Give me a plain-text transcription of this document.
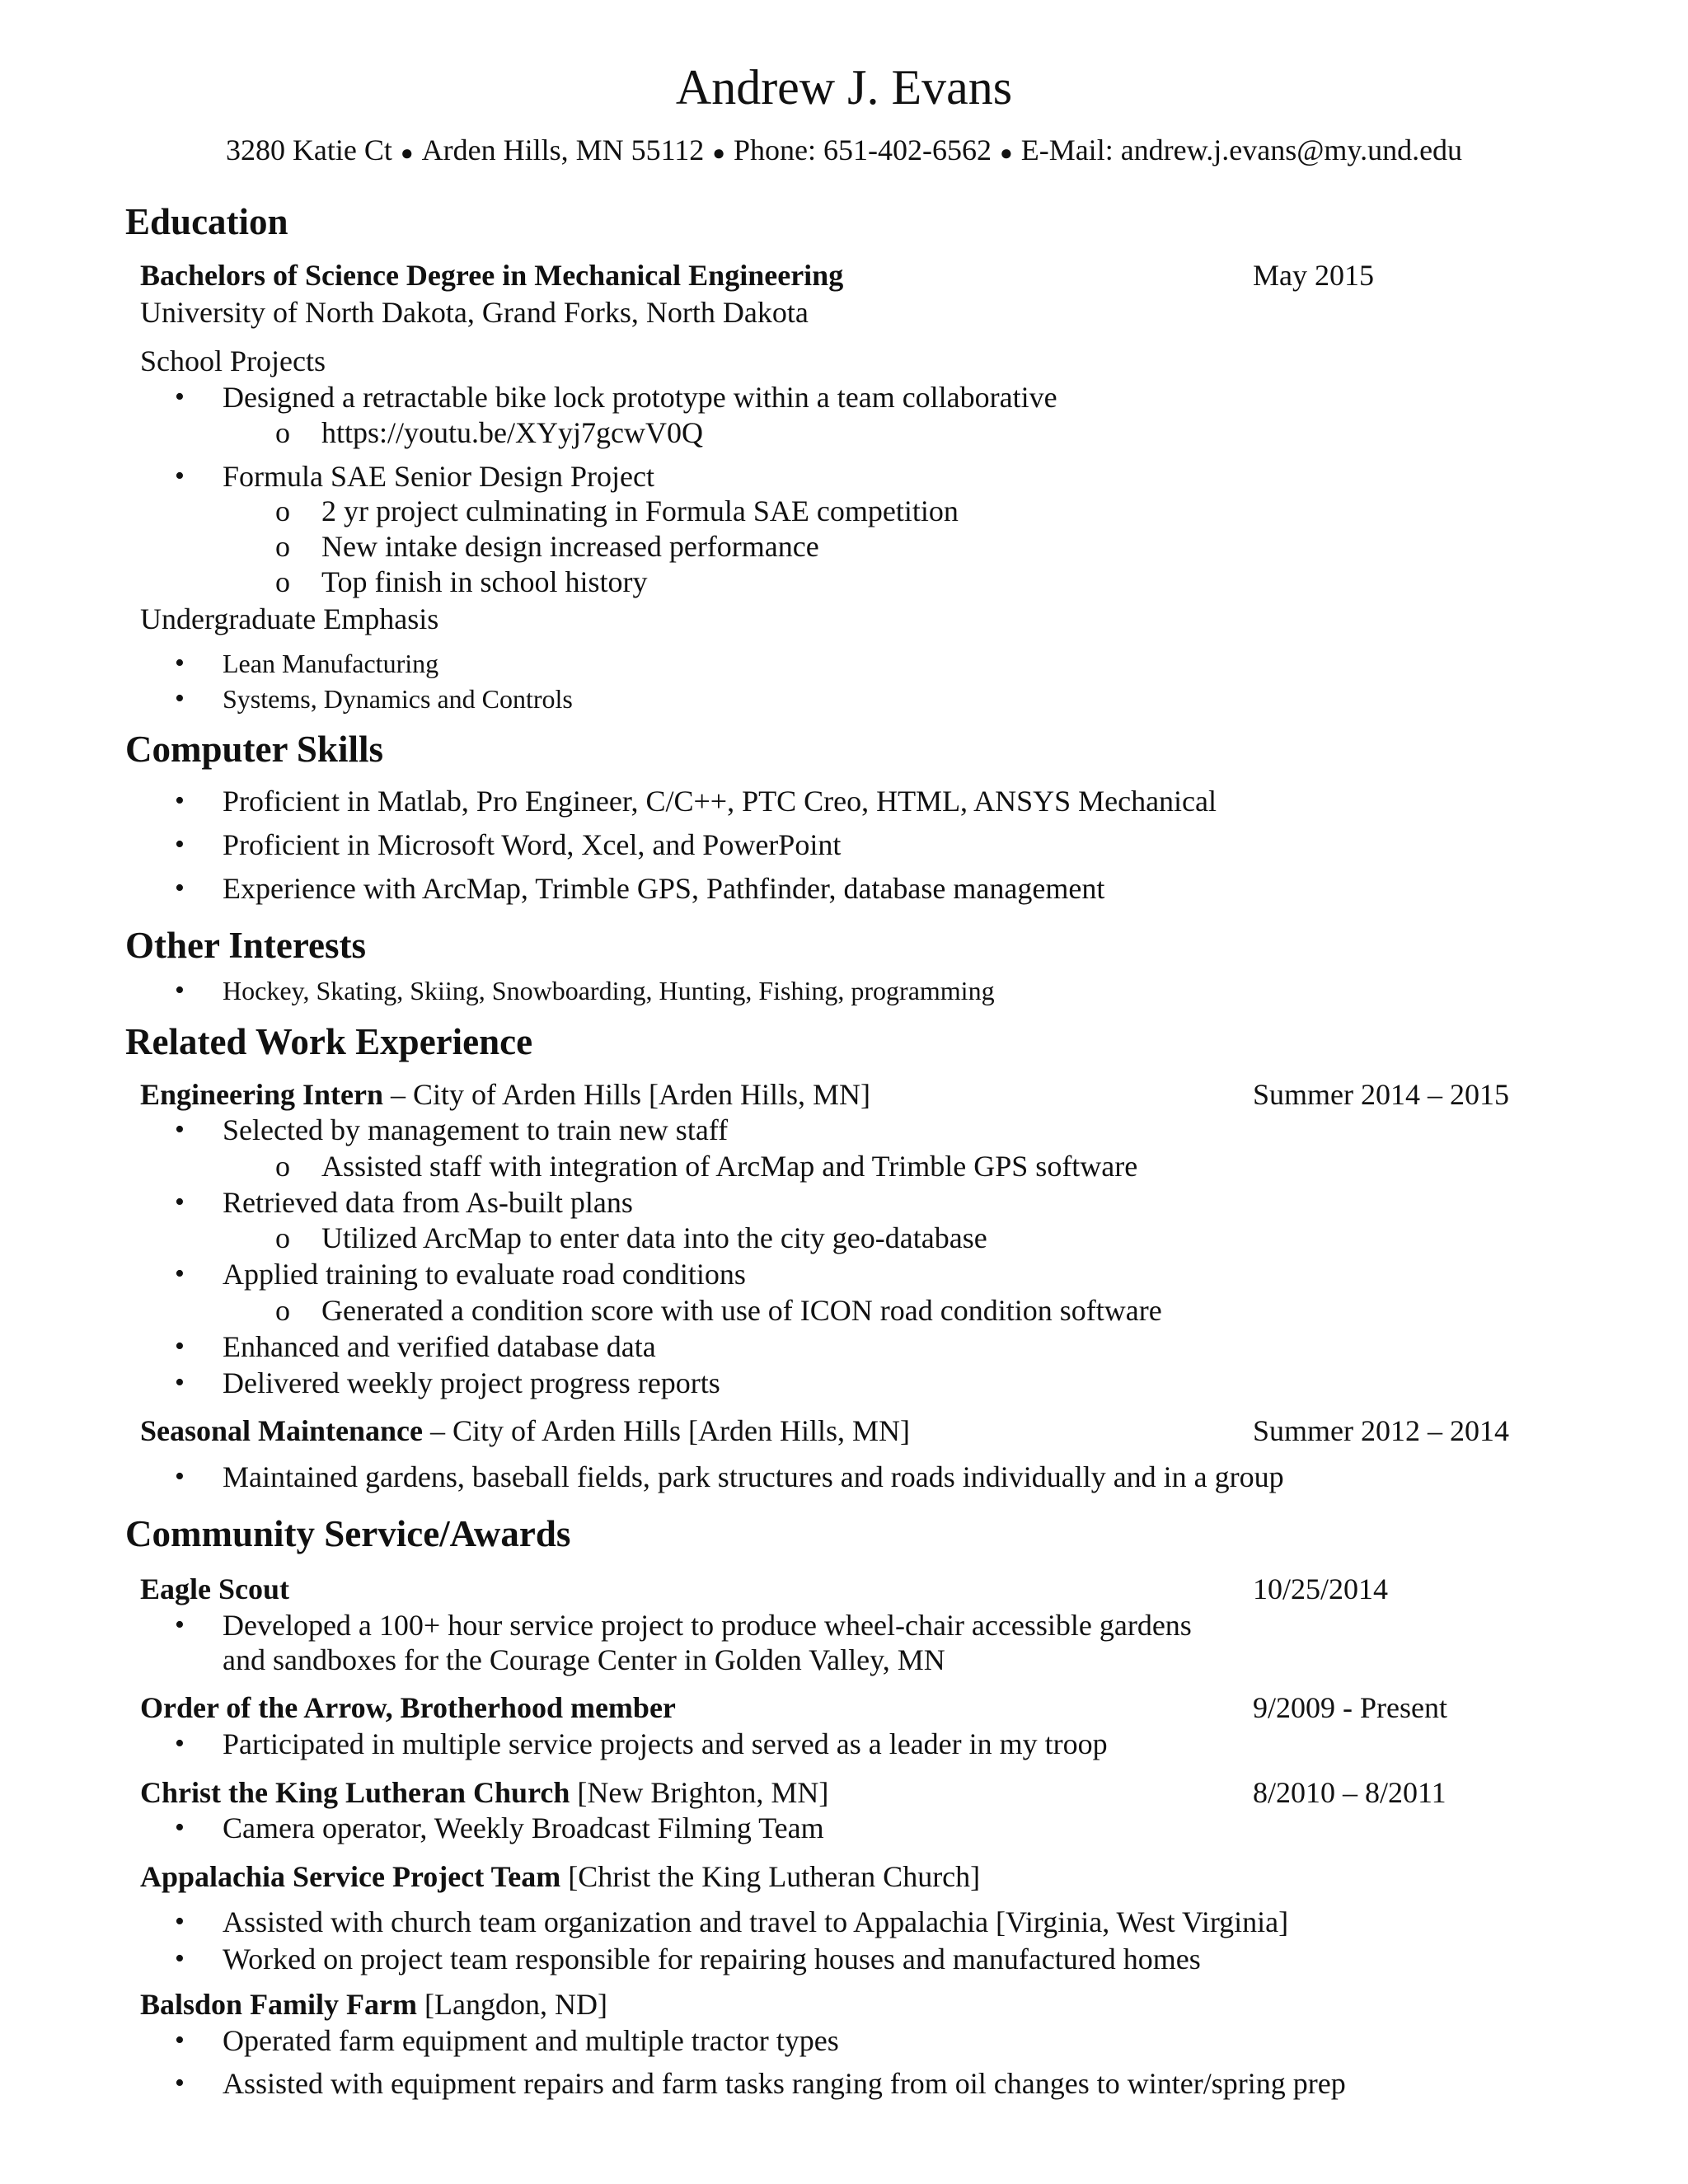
Andrew J. Evans
3280 Katie Ct ● Arden Hills, MN 55112 ● Phone: 651-402-6562 ● E-Mail: andrew.j.evans@my.und.edu
Education
Bachelors of Science Degree in Mechanical Engineering	May 2015
University of North Dakota, Grand Forks, North Dakota
School Projects
• Designed a retractable bike lock prototype within a team collaborative
o https://youtu.be/XYyj7gcwV0Q
• Formula SAE Senior Design Project
o 2 yr project culminating in Formula SAE competition
o New intake design increased performance
o Top finish in school history
Undergraduate Emphasis
• Lean Manufacturing
• Systems, Dynamics and Controls
Computer Skills
• Proficient in Matlab, Pro Engineer, C/C++, PTC Creo, HTML, ANSYS Mechanical
• Proficient in Microsoft Word, Xcel, and PowerPoint
• Experience with ArcMap, Trimble GPS, Pathfinder, database management
Other Interests
• Hockey, Skating, Skiing, Snowboarding, Hunting, Fishing, programming
Related Work Experience
Engineering Intern – City of Arden Hills [Arden Hills, MN]	Summer 2014 – 2015
• Selected by management to train new staff
o Assisted staff with integration of ArcMap and Trimble GPS software
• Retrieved data from As-built plans
o Utilized ArcMap to enter data into the city geo-database
• Applied training to evaluate road conditions
o Generated a condition score with use of ICON road condition software
• Enhanced and verified database data
• Delivered weekly project progress reports
Seasonal Maintenance – City of Arden Hills [Arden Hills, MN]	Summer 2012 – 2014
• Maintained gardens, baseball fields, park structures and roads individually and in a group
Community Service/Awards
Eagle Scout	10/25/2014
• Developed a 100+ hour service project to produce wheel-chair accessible gardens
and sandboxes for the Courage Center in Golden Valley, MN
Order of the Arrow, Brotherhood member	9/2009 - Present
• Participated in multiple service projects and served as a leader in my troop
Christ the King Lutheran Church [New Brighton, MN]	8/2010 – 8/2011
• Camera operator, Weekly Broadcast Filming Team
Appalachia Service Project Team [Christ the King Lutheran Church]
• Assisted with church team organization and travel to Appalachia [Virginia, West Virginia]
• Worked on project team responsible for repairing houses and manufactured homes
Balsdon Family Farm [Langdon, ND]
• Operated farm equipment and multiple tractor types
• Assisted with equipment repairs and farm tasks ranging from oil changes to winter/spring prep
